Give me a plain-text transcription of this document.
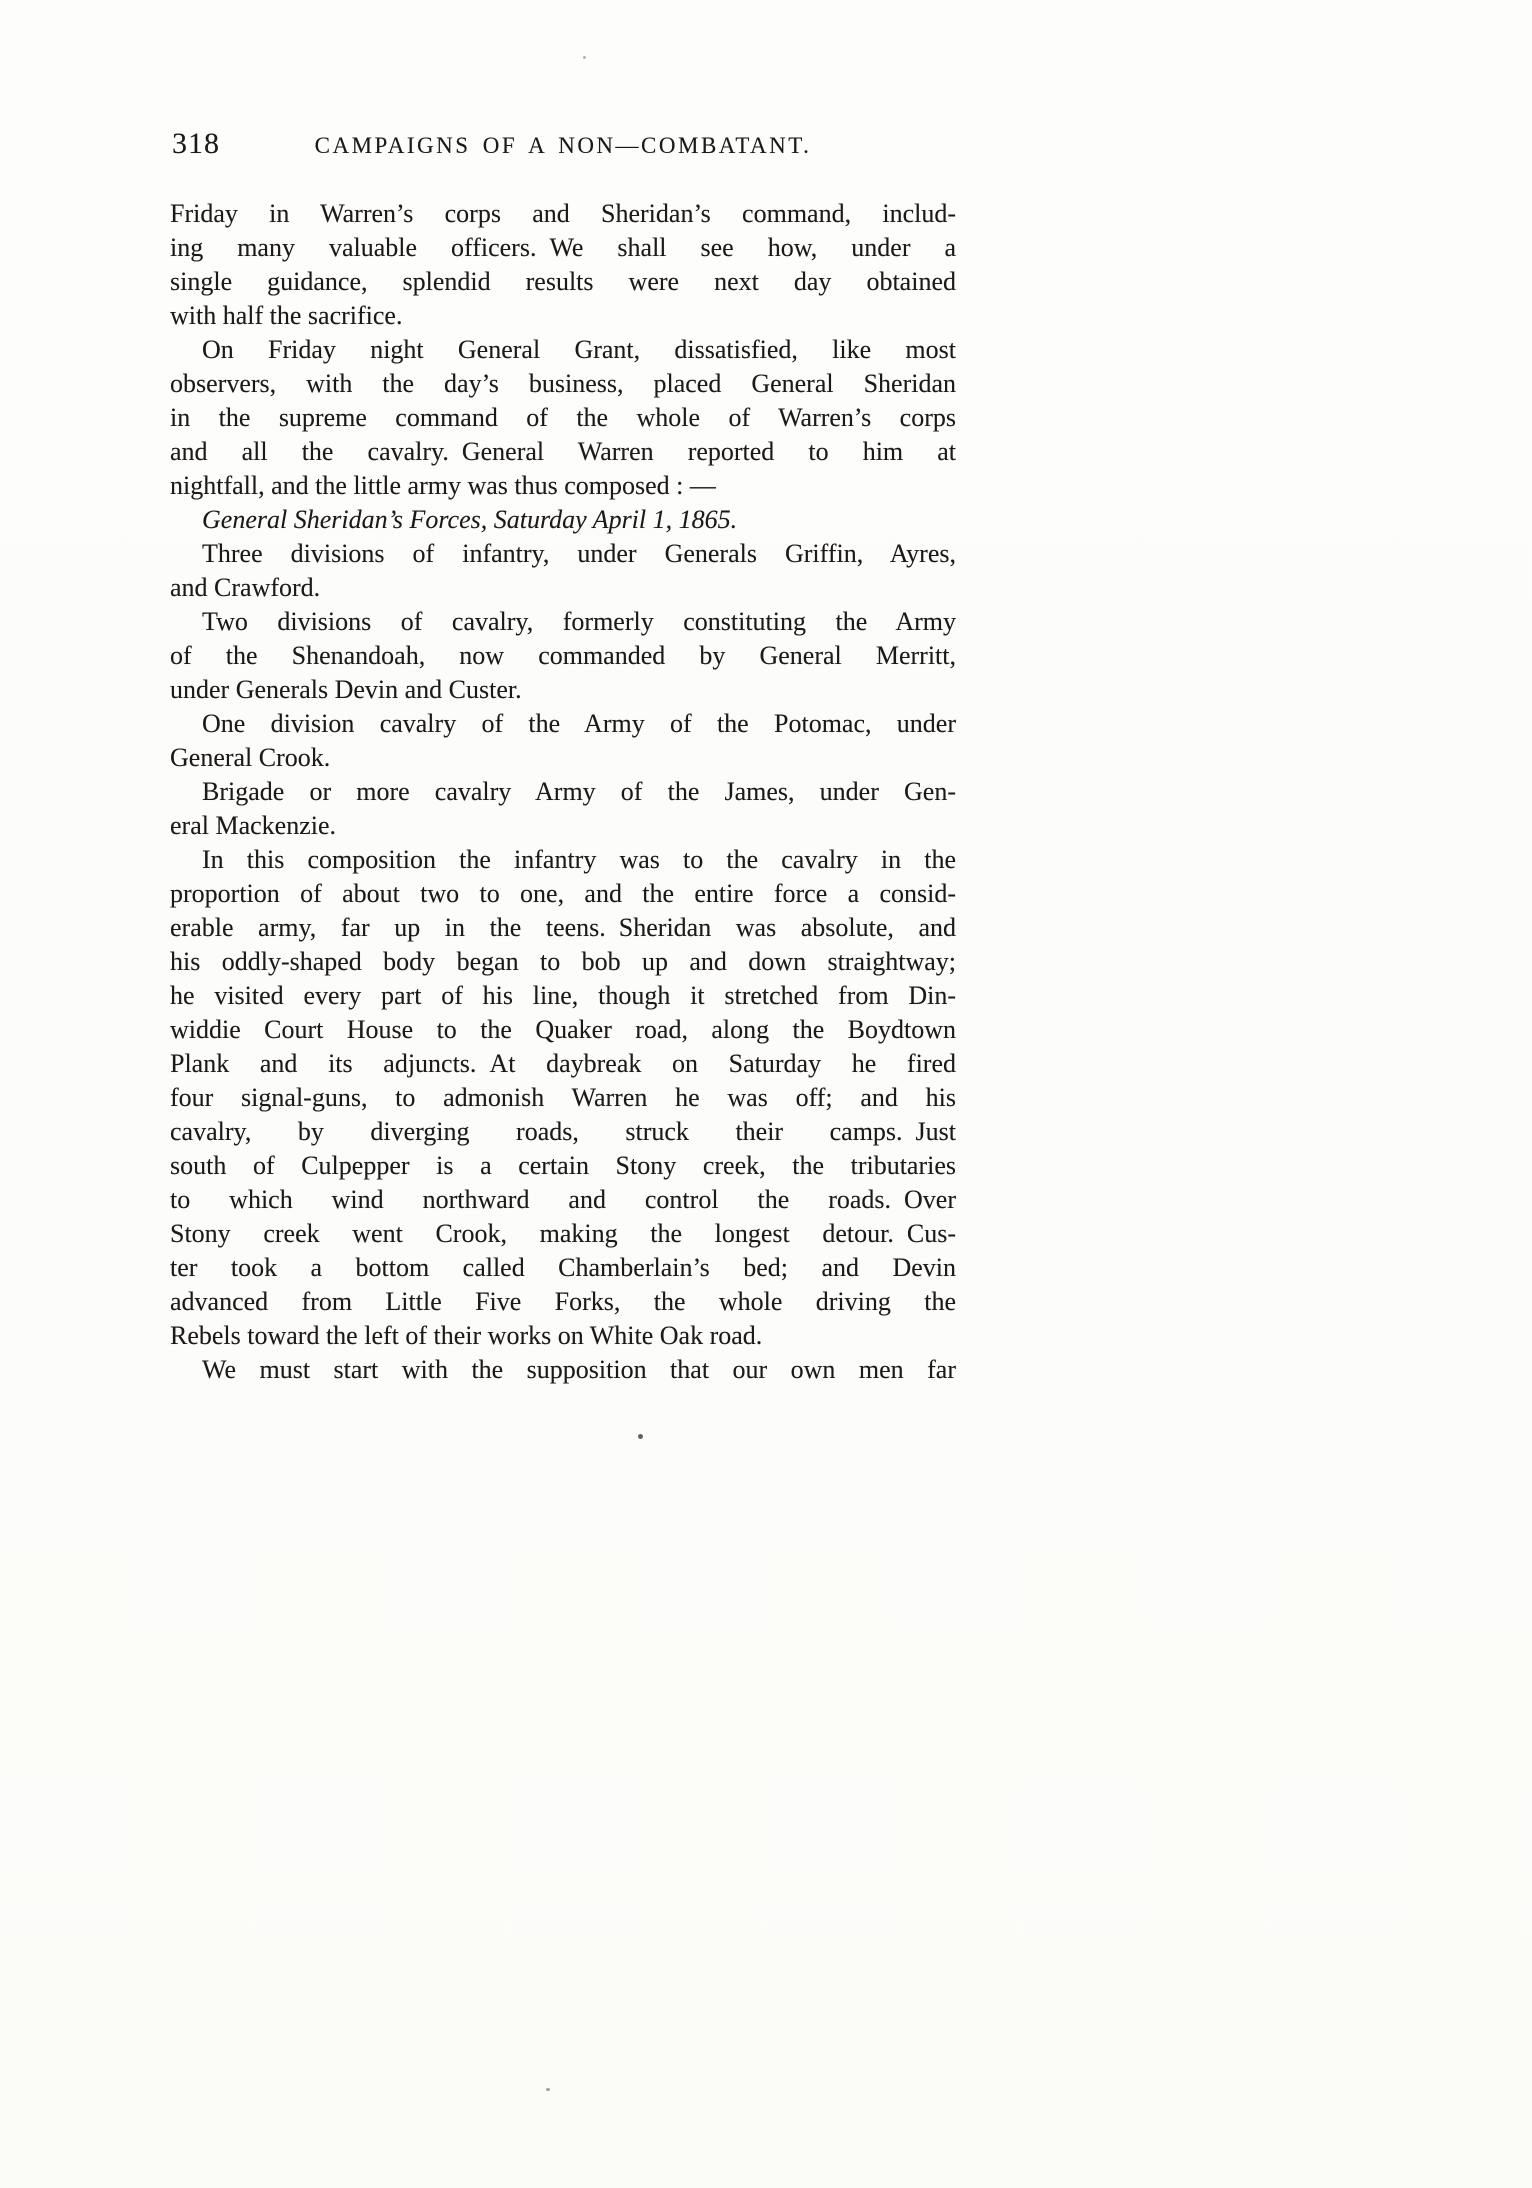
318	CAMPAIGNS OF A NON—COMBATANT.
Friday in Warren’s corps and Sheridan’s command, includ-
ing many valuable officers. We shall see how, under a
single guidance, splendid results were next day obtained
with half the sacrifice.
On Friday night General Grant, dissatisfied, like most
observers, with the day’s business, placed General Sheridan
in the supreme command of the whole of Warren’s corps
and all the cavalry. General Warren reported to him at
nightfall, and the little army was thus composed : —
General Sheridan’s Forces, Saturday April 1, 1865.
Three divisions of infantry, under Generals Griffin, Ayres,
and Crawford.
Two divisions of cavalry, formerly constituting the Army
of the Shenandoah, now commanded by General Merritt,
under Generals Devin and Custer.
One division cavalry of the Army of the Potomac, under
General Crook.
Brigade or more cavalry Army of the James, under Gen-
eral Mackenzie.
In this composition the infantry was to the cavalry in the
proportion of about two to one, and the entire force a consid-
erable army, far up in the teens. Sheridan was absolute, and
his oddly-shaped body began to bob up and down straightway;
he visited every part of his line, though it stretched from Din-
widdie Court House to the Quaker road, along the Boydtown
Plank and its adjuncts. At daybreak on Saturday he fired
four signal-guns, to admonish Warren he was off; and his
cavalry, by diverging roads, struck their camps. Just
south of Culpepper is a certain Stony creek, the tributaries
to which wind northward and control the roads. Over
Stony creek went Crook, making the longest detour. Cus-
ter took a bottom called Chamberlain’s bed; and Devin
advanced from Little Five Forks, the whole driving the
Rebels toward the left of their works on White Oak road.
We must start with the supposition that our own men far
